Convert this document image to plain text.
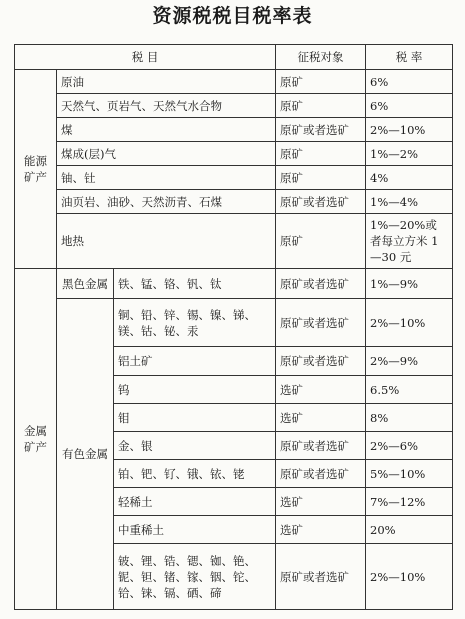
资源税税目税率表
税 目			征税对象	税 率
能源
矿产	原油		原矿	6%
	天然气、页岩气、天然气水合物		原矿	6%
	煤		原矿或者选矿	2%—10%
	煤成(层)气		原矿	1%—2%
	铀、钍		原矿	4%
	油页岩、油砂、天然沥青、石煤		原矿或者选矿	1%—4%
	地热		原矿	1%—20%或者每立方米 1—30 元
金属
矿产	黑色金属	铁、锰、铬、钒、钛	原矿或者选矿	1%—9%
	有色金属	铜、铅、锌、锡、镍、锑、镁、钴、铋、汞	原矿或者选矿	2%—10%
		铝土矿	原矿或者选矿	2%—9%
		钨	选矿	6.5%
		钼	选矿	8%
		金、银	原矿或者选矿	2%—6%
		铂、钯、钌、锇、铱、铑	原矿或者选矿	5%—10%
		轻稀土	选矿	7%—12%
		中重稀土	选矿	20%
		铍、锂、锆、锶、铷、铯、铌、钽、锗、镓、铟、铊、铪、铼、镉、硒、碲	原矿或者选矿	2%—10%
